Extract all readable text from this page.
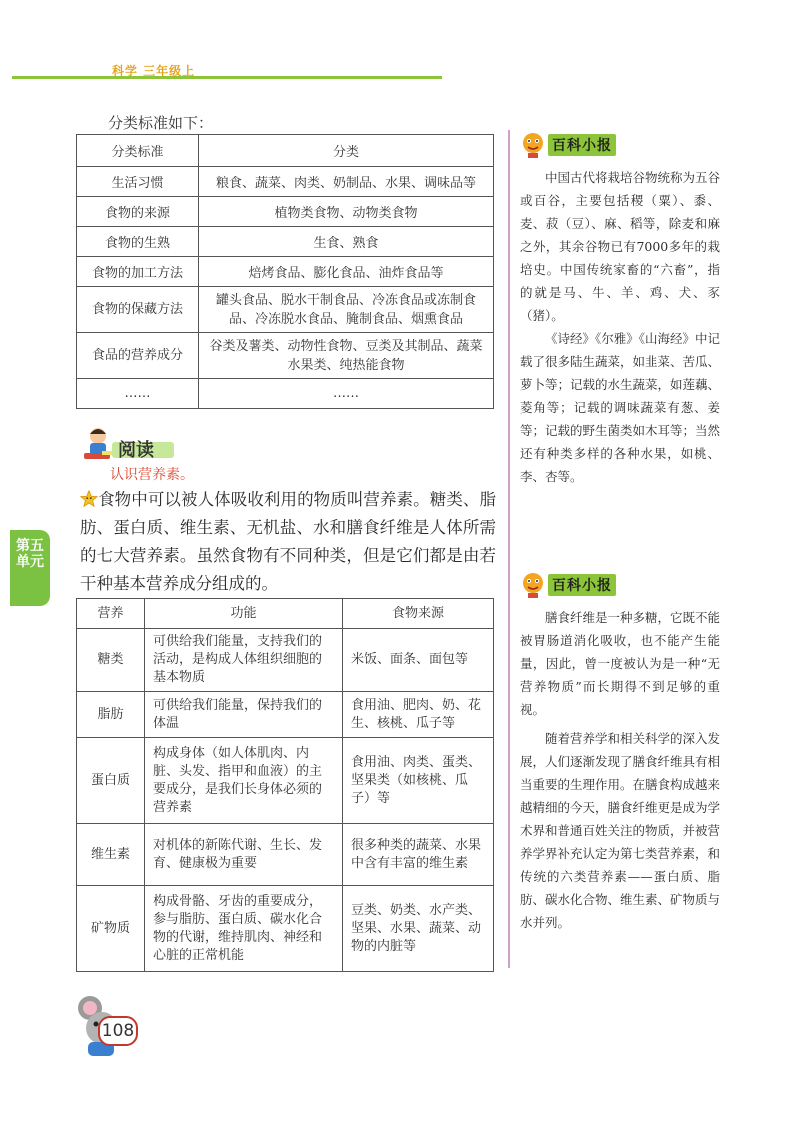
科学 三年级上
分类标准如下：
分类标准	分类
生活习惯	粮食、蔬菜、肉类、奶制品、水果、调味品等
食物的来源	植物类食物、动物类食物
食物的生熟	生食、熟食
食物的加工方法	焙烤食品、膨化食品、油炸食品等
食物的保藏方法	罐头食品、脱水干制食品、冷冻食品或冻制食品、冷冻脱水食品、腌制食品、烟熏食品
食品的营养成分	谷类及薯类、动物性食物、豆类及其制品、蔬菜水果类、纯热能食物
……	……
阅读
认识营养素。
食物中可以被人体吸收利用的物质叫营养素。糖类、脂肪、蛋白质、维生素、无机盐、水和膳食纤维是人体所需的七大营养素。虽然食物有不同种类，但是它们都是由若干种基本营养成分组成的。
营养	功能	食物来源
糖类	可供给我们能量，支持我们的活动，是构成人体组织细胞的基本物质	米饭、面条、面包等
脂肪	可供给我们能量，保持我们的体温	食用油、肥肉、奶、花生、核桃、瓜子等
蛋白质	构成身体（如人体肌肉、内脏、头发、指甲和血液）的主要成分，是我们长身体必须的营养素	食用油、肉类、蛋类、坚果类（如核桃、瓜子）等
维生素	对机体的新陈代谢、生长、发育、健康极为重要	很多种类的蔬菜、水果中含有丰富的维生素
矿物质	构成骨骼、牙齿的重要成分，参与脂肪、蛋白质、碳水化合物的代谢，维持肌肉、神经和心脏的正常机能	豆类、奶类、水产类、坚果、水果、蔬菜、动物的内脏等
第五
单元
百科小报

中国古代将栽培谷物统称为五谷或百谷，主要包括稷（粟）、黍、麦、菽（豆）、麻、稻等，除麦和麻之外，其余谷物已有7000多年的栽培史。中国传统家畜的“六畜”，指的就是马、牛、羊、鸡、犬、豕（猪）。

《诗经》《尔雅》《山海经》中记载了很多陆生蔬菜，如韭菜、苦瓜、萝卜等；记载的水生蔬菜，如莲藕、菱角等；记载的调味蔬菜有葱、姜等；记载的野生菌类如木耳等；当然还有种类多样的各种水果，如桃、李、杏等。

百科小报

膳食纤维是一种多糖，它既不能被胃肠道消化吸收，也不能产生能量，因此，曾一度被认为是一种“无营养物质”而长期得不到足够的重视。

随着营养学和相关科学的深入发展，人们逐渐发现了膳食纤维具有相当重要的生理作用。在膳食构成越来越精细的今天，膳食纤维更是成为学术界和普通百姓关注的物质，并被营养学界补充认定为第七类营养素，和传统的六类营养素——蛋白质、脂肪、碳水化合物、维生素、矿物质与水并列。

108
